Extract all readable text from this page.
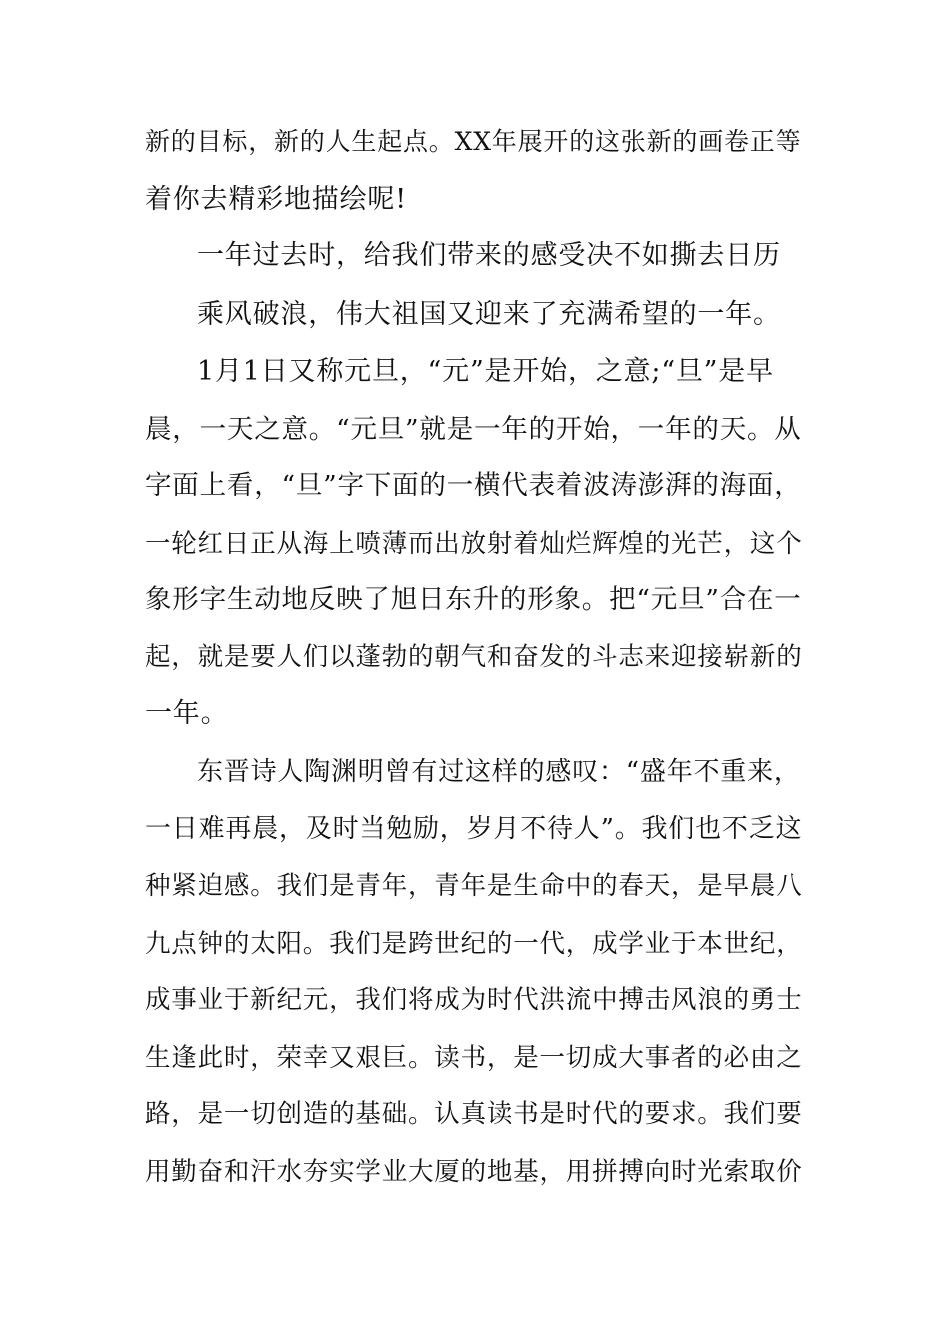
新的目标，新的人生起点。XX年展开的这张新的画卷正等
着你去精彩地描绘呢!
一年过去时，给我们带来的感受决不如撕去日历
乘风破浪，伟大祖国又迎来了充满希望的一年。
1月1日又称元旦，“元”是开始，之意;“旦”是早
晨，一天之意。“元旦”就是一年的开始，一年的天。从
字面上看，“旦”字下面的一横代表着波涛澎湃的海面，
一轮红日正从海上喷薄而出放射着灿烂辉煌的光芒，这个
象形字生动地反映了旭日东升的形象。把“元旦”合在一
起，就是要人们以蓬勃的朝气和奋发的斗志来迎接崭新的
一年。
东晋诗人陶渊明曾有过这样的感叹：“盛年不重来，
一日难再晨，及时当勉励，岁月不待人”。我们也不乏这
种紧迫感。我们是青年，青年是生命中的春天，是早晨八
九点钟的太阳。我们是跨世纪的一代，成学业于本世纪，
成事业于新纪元，我们将成为时代洪流中搏击风浪的勇士
生逢此时，荣幸又艰巨。读书，是一切成大事者的必由之
路，是一切创造的基础。认真读书是时代的要求。我们要
用勤奋和汗水夯实学业大厦的地基，用拼搏向时光索取价
